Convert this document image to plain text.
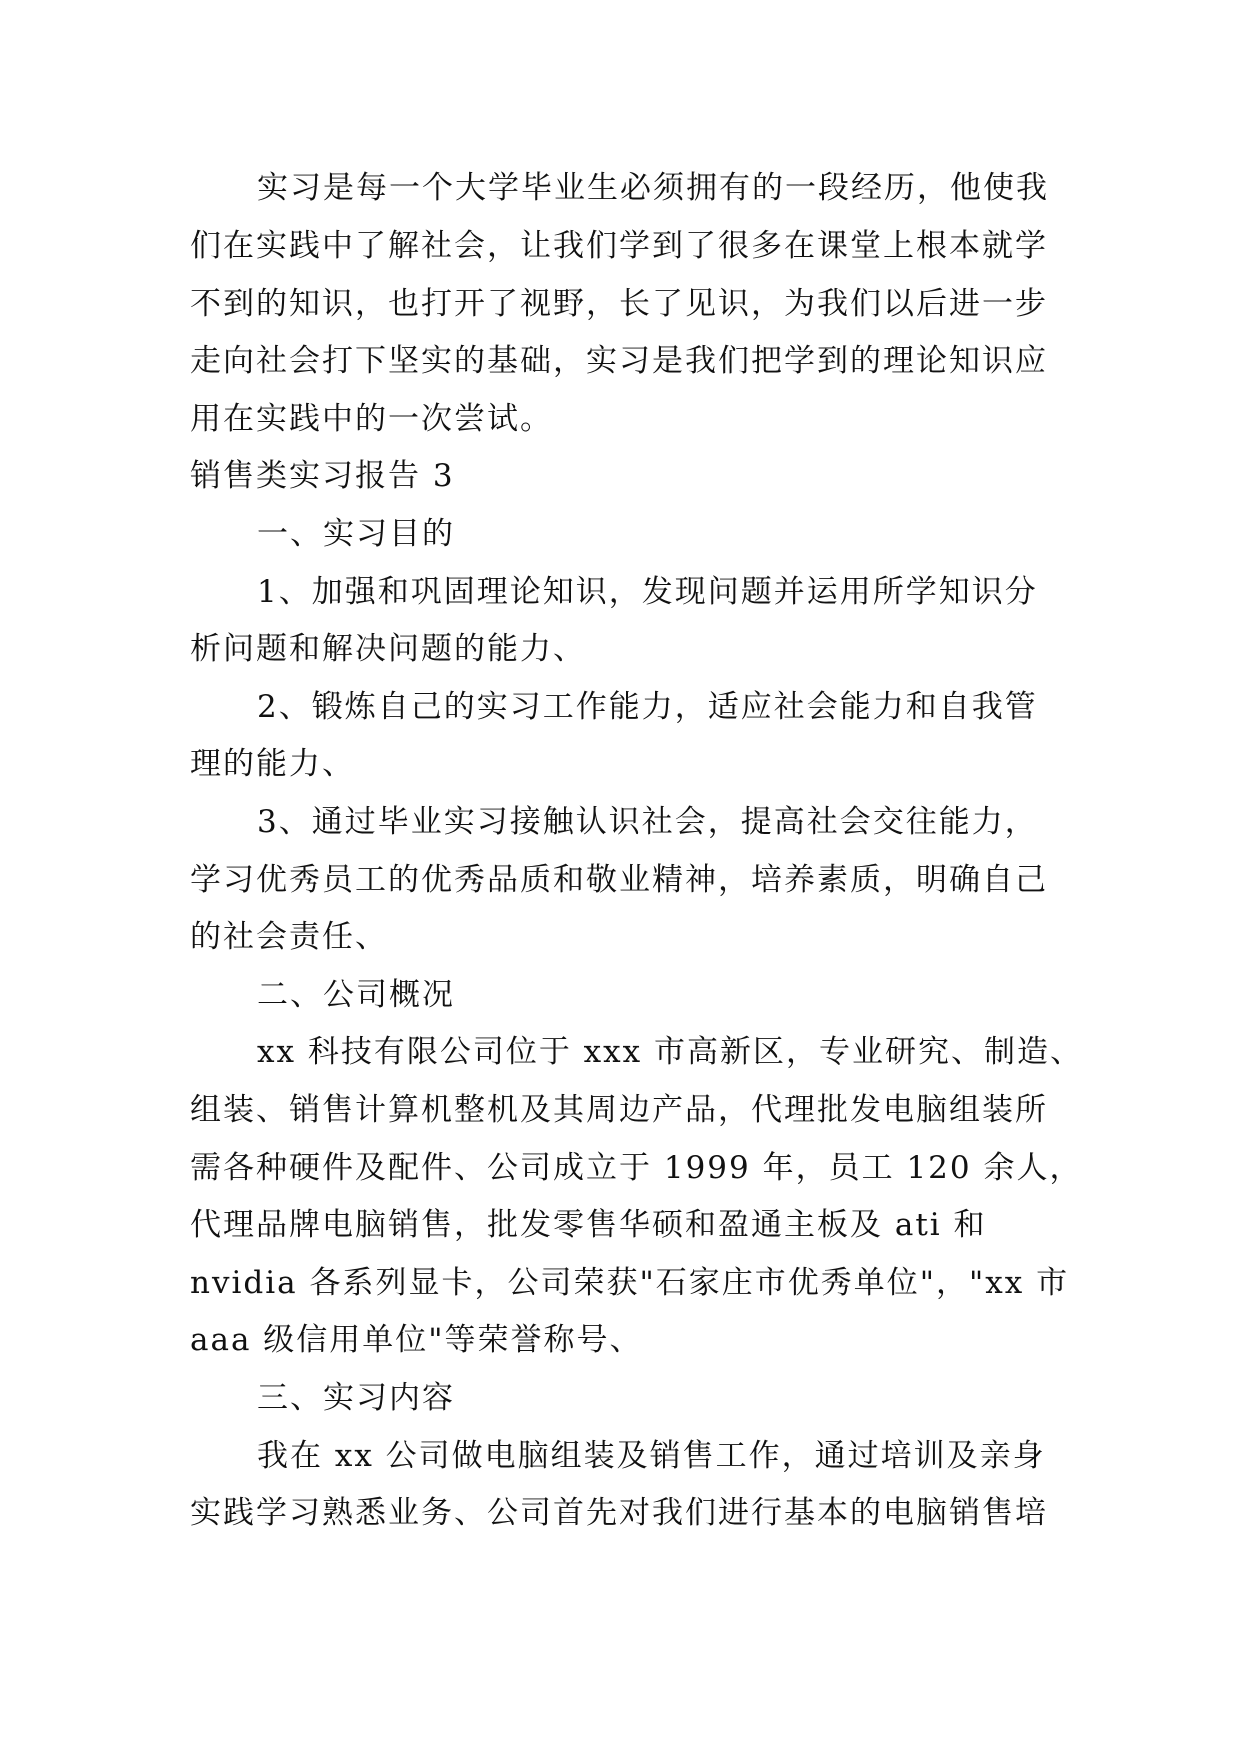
实习是每一个大学毕业生必须拥有的一段经历，他使我
们在实践中了解社会，让我们学到了很多在课堂上根本就学
不到的知识，也打开了视野，长了见识，为我们以后进一步
走向社会打下坚实的基础，实习是我们把学到的理论知识应
用在实践中的一次尝试。
销售类实习报告 3
一、实习目的
1、加强和巩固理论知识，发现问题并运用所学知识分
析问题和解决问题的能力、
2、锻炼自己的实习工作能力，适应社会能力和自我管
理的能力、
3、通过毕业实习接触认识社会，提高社会交往能力，
学习优秀员工的优秀品质和敬业精神，培养素质，明确自己
的社会责任、
二、公司概况
xx 科技有限公司位于 xxx 市高新区，专业研究、制造、
组装、销售计算机整机及其周边产品，代理批发电脑组装所
需各种硬件及配件、公司成立于 1999 年，员工 120 余人，
代理品牌电脑销售，批发零售华硕和盈通主板及 ati 和
nvidia 各系列显卡，公司荣获"石家庄市优秀单位"，"xx 市
aaa 级信用单位"等荣誉称号、
三、实习内容
我在 xx 公司做电脑组装及销售工作，通过培训及亲身
实践学习熟悉业务、公司首先对我们进行基本的电脑销售培
